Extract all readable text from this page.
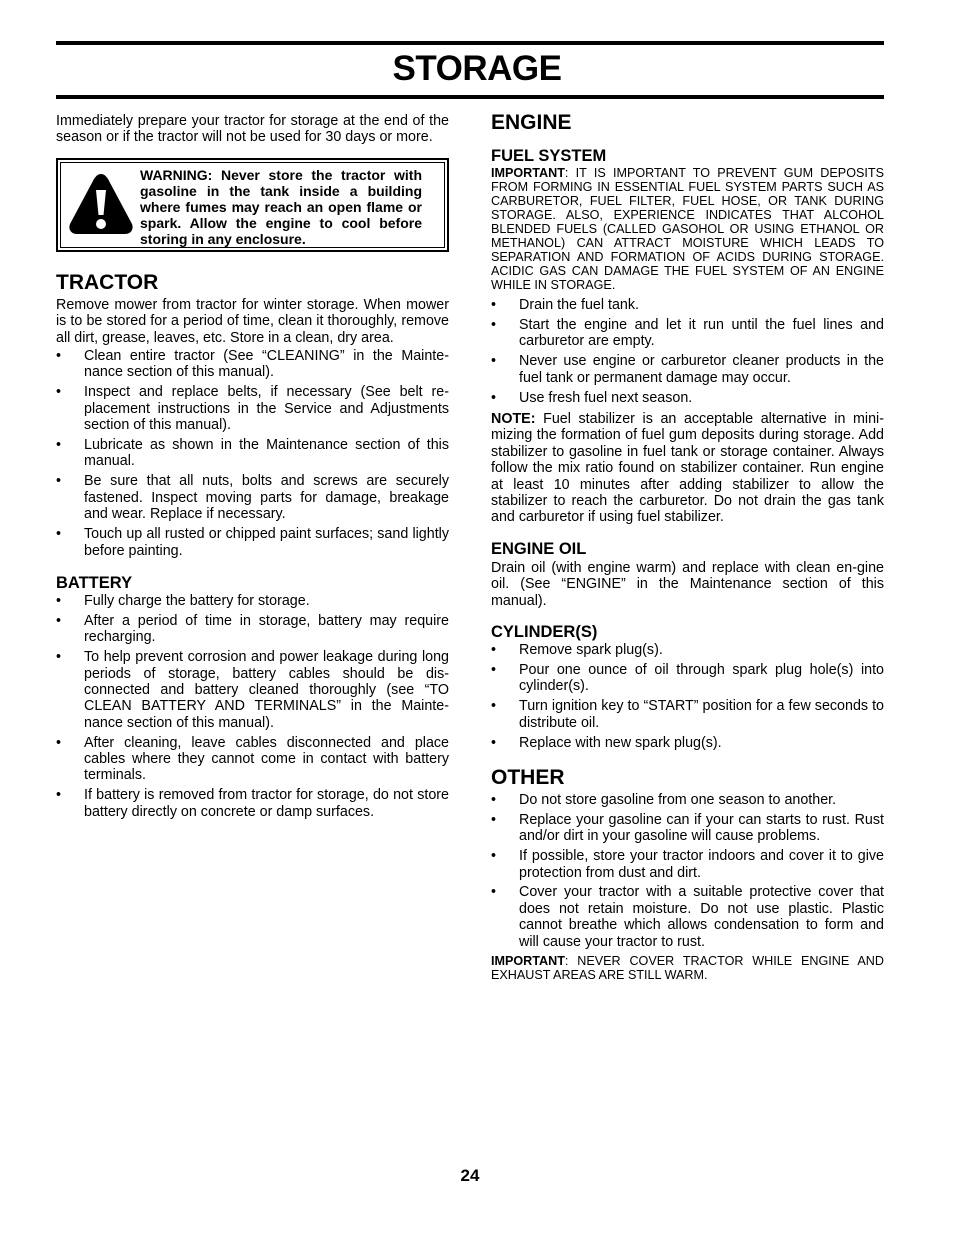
STORAGE

Immediately prepare your tractor for storage at the end of the season or if the tractor will not be used for 30 days or more.

WARNING: Never store the tractor with gasoline in the tank inside a building where fumes may reach an open flame or spark. Allow the engine to cool before storing in any enclosure.
TRACTOR

Remove mower from tractor for winter storage. When mower is to be stored for a period of time, clean it thoroughly, remove all dirt, grease, leaves, etc. Store in a clean, dry area.

• Clean entire tractor (See “CLEANING” in the Mainte-nance section of this manual).
• Inspect and replace belts, if necessary (See belt re-placement instructions in the Service and Adjustments section of this manual).
• Lubricate as shown in the Maintenance section of this manual.
• Be sure that all nuts, bolts and screws are securely fastened. Inspect moving parts for damage, breakage and wear. Replace if necessary.
• Touch up all rusted or chipped paint surfaces; sand lightly before painting.
BATTERY
• Fully charge the battery for storage.
• After a period of time in storage, battery may require recharging.
• To help prevent corrosion and power leakage during long periods of storage, battery cables should be dis-connected and battery cleaned thoroughly (see “TO CLEAN BATTERY AND TERMINALS” in the Mainte-nance section of this manual).
• After cleaning, leave cables disconnected and place cables where they cannot come in contact with battery terminals.
• If battery is removed from tractor for storage, do not store battery directly on concrete or damp surfaces.
ENGINE
FUEL SYSTEM

IMPORTANT: IT IS IMPORTANT TO PREVENT GUM DEPOSITS FROM FORMING IN ESSENTIAL FUEL SYSTEM PARTS SUCH AS CARBURETOR, FUEL FILTER, FUEL HOSE, OR TANK DURING STORAGE. ALSO, EXPERIENCE INDICATES THAT ALCOHOL BLENDED FUELS (CALLED GASOHOL OR USING ETHANOL OR METHANOL) CAN ATTRACT MOISTURE WHICH LEADS TO SEPARATION AND FORMATION OF ACIDS DURING STORAGE. ACIDIC GAS CAN DAMAGE THE FUEL SYSTEM OF AN ENGINE WHILE IN STORAGE.

• Drain the fuel tank.
• Start the engine and let it run until the fuel lines and carburetor are empty.
• Never use engine or carburetor cleaner products in the fuel tank or permanent damage may occur.
• Use fresh fuel next season.

NOTE: Fuel stabilizer is an acceptable alternative in mini-mizing the formation of fuel gum deposits during storage. Add stabilizer to gasoline in fuel tank or storage container. Always follow the mix ratio found on stabilizer container. Run engine at least 10 minutes after adding stabilizer to allow the stabilizer to reach the carburetor. Do not drain the gas tank and carburetor if using fuel stabilizer.

ENGINE OIL

Drain oil (with engine warm) and replace with clean en-gine oil. (See “ENGINE” in the Maintenance section of this manual).

CYLINDER(S)
• Remove spark plug(s).
• Pour one ounce of oil through spark plug hole(s) into cylinder(s).
• Turn ignition key to “START” position for a few seconds to distribute oil.
• Replace with new spark plug(s).
OTHER
• Do not store gasoline from one season to another.
• Replace your gasoline can if your can starts to rust. Rust and/or dirt in your gasoline will cause problems.
• If possible, store your tractor indoors and cover it to give protection from dust and dirt.
• Cover your tractor with a suitable protective cover that does not retain moisture. Do not use plastic. Plastic cannot breathe which allows condensation to form and will cause your tractor to rust.

IMPORTANT: NEVER COVER TRACTOR WHILE ENGINE AND EXHAUST AREAS ARE STILL WARM.

24
